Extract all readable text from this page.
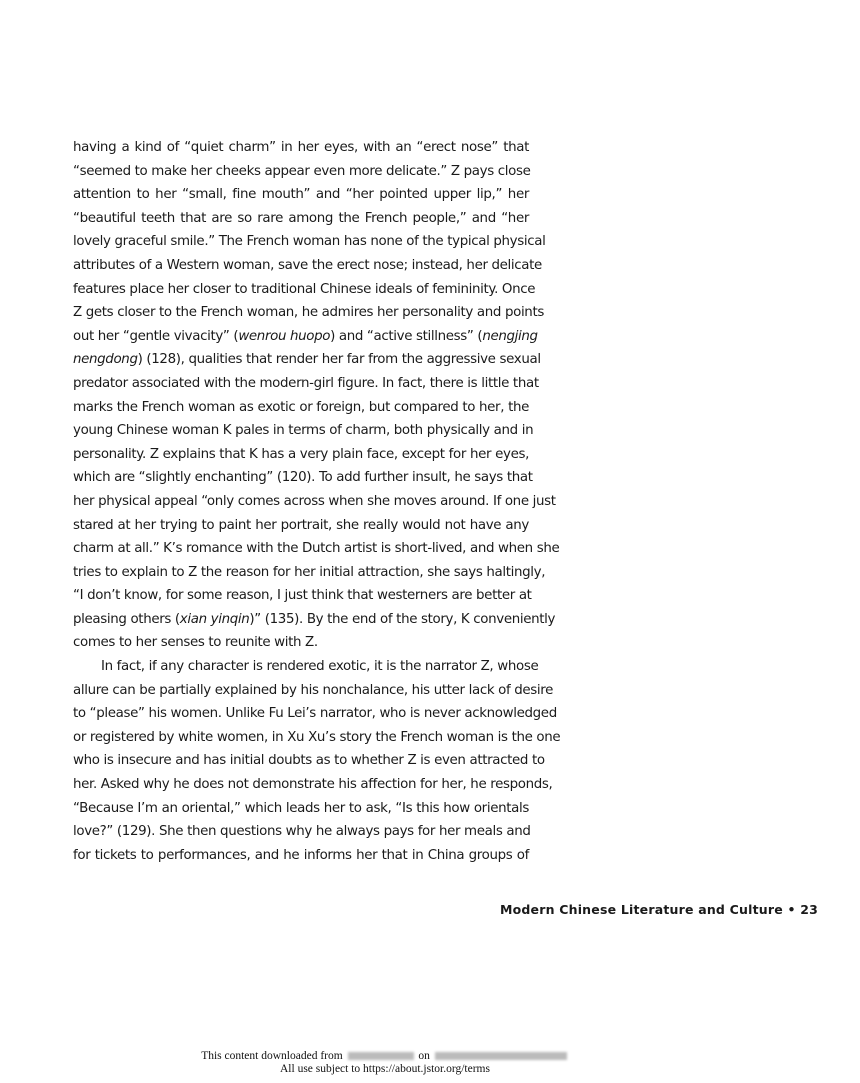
having a kind of “quiet charm” in her eyes, with an “erect nose” that
“seemed to make her cheeks appear even more delicate.” Z pays close
attention to her “small, fine mouth” and “her pointed upper lip,” her
“beautiful teeth that are so rare among the French people,” and “her
lovely graceful smile.” The French woman has none of the typical physical
attributes of a Western woman, save the erect nose; instead, her delicate
features place her closer to traditional Chinese ideals of femininity. Once
Z gets closer to the French woman, he admires her personality and points
out her “gentle vivacity” (wenrou huopo) and “active stillness” (nengjing
nengdong) (128), qualities that render her far from the aggressive sexual
predator associated with the modern-girl figure. In fact, there is little that
marks the French woman as exotic or foreign, but compared to her, the
young Chinese woman K pales in terms of charm, both physically and in
personality. Z explains that K has a very plain face, except for her eyes,
which are “slightly enchanting” (120). To add further insult, he says that
her physical appeal “only comes across when she moves around. If one just
stared at her trying to paint her portrait, she really would not have any
charm at all.” K’s romance with the Dutch artist is short-lived, and when she
tries to explain to Z the reason for her initial attraction, she says haltingly,
“I don’t know, for some reason, I just think that westerners are better at
pleasing others (xian yinqin)” (135). By the end of the story, K conveniently
comes to her senses to reunite with Z.
In fact, if any character is rendered exotic, it is the narrator Z, whose
allure can be partially explained by his nonchalance, his utter lack of desire
to “please” his women. Unlike Fu Lei’s narrator, who is never acknowledged
or registered by white women, in Xu Xu’s story the French woman is the one
who is insecure and has initial doubts as to whether Z is even attracted to
her. Asked why he does not demonstrate his affection for her, he responds,
“Because I’m an oriental,” which leads her to ask, “Is this how orientals
love?” (129). She then questions why he always pays for her meals and
for tickets to performances, and he informs her that in China groups of
Modern Chinese Literature and Culture • 23
This content downloaded from	on
All use subject to https://about.jstor.org/terms
